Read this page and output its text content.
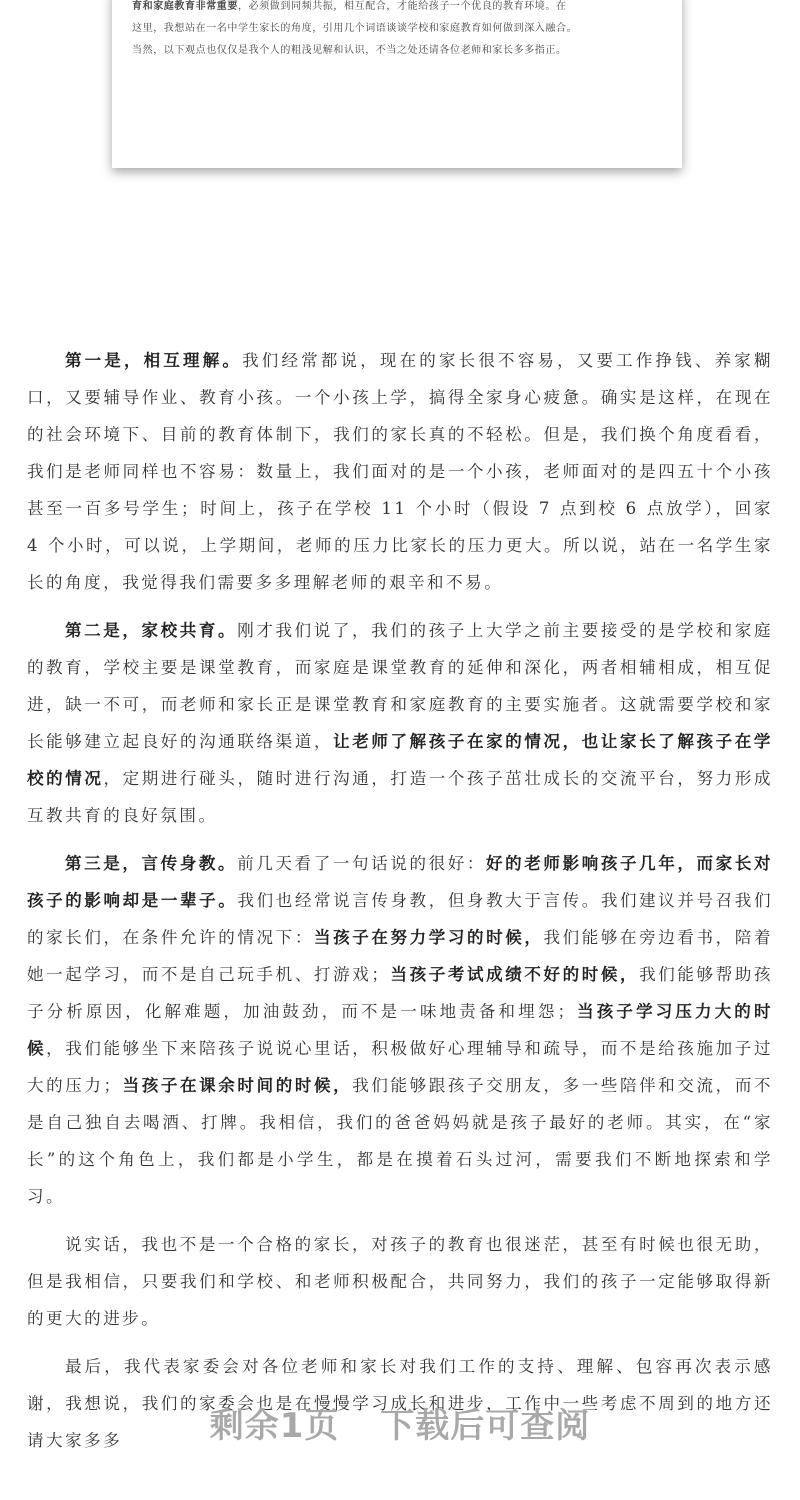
育和家庭教育非常重要，必须做到同频共振，相互配合，才能给孩子一个优良的教育环境。在

这里，我想站在一名中学生家长的角度，引用几个词语谈谈学校和家庭教育如何做到深入融合。

当然，以下观点也仅仅是我个人的粗浅见解和认识，不当之处还请各位老师和家长多多指正。

第一是，相互理解。我们经常都说，现在的家长很不容易，又要工作挣钱、养家糊口，又要辅导作业、教育小孩。一个小孩上学，搞得全家身心疲惫。确实是这样，在现在的社会环境下、目前的教育体制下，我们的家长真的不轻松。但是，我们换个角度看看，我们是老师同样也不容易：数量上，我们面对的是一个小孩，老师面对的是四五十个小孩甚至一百多号学生；时间上，孩子在学校 11 个小时（假设 7 点到校 6 点放学），回家 4 个小时，可以说，上学期间，老师的压力比家长的压力更大。所以说，站在一名学生家长的角度，我觉得我们需要多多理解老师的艰辛和不易。

第二是，家校共育。刚才我们说了，我们的孩子上大学之前主要接受的是学校和家庭的教育，学校主要是课堂教育，而家庭是课堂教育的延伸和深化，两者相辅相成，相互促进，缺一不可，而老师和家长正是课堂教育和家庭教育的主要实施者。这就需要学校和家长能够建立起良好的沟通联络渠道，让老师了解孩子在家的情况，也让家长了解孩子在学校的情况，定期进行碰头，随时进行沟通，打造一个孩子茁壮成长的交流平台，努力形成互教共育的良好氛围。

第三是，言传身教。前几天看了一句话说的很好：好的老师影响孩子几年，而家长对孩子的影响却是一辈子。我们也经常说言传身教，但身教大于言传。我们建议并号召我们的家长们，在条件允许的情况下：当孩子在努力学习的时候，我们能够在旁边看书，陪着她一起学习，而不是自己玩手机、打游戏；当孩子考试成绩不好的时候，我们能够帮助孩子分析原因，化解难题，加油鼓劲，而不是一味地责备和埋怨；当孩子学习压力大的时候，我们能够坐下来陪孩子说说心里话，积极做好心理辅导和疏导，而不是给孩施加子过大的压力；当孩子在课余时间的时候，我们能够跟孩子交朋友，多一些陪伴和交流，而不是自己独自去喝酒、打牌。我相信，我们的爸爸妈妈就是孩子最好的老师。其实，在“家长”的这个角色上，我们都是小学生，都是在摸着石头过河，需要我们不断地探索和学习。

说实话，我也不是一个合格的家长，对孩子的教育也很迷茫，甚至有时候也很无助，但是我相信，只要我们和学校、和老师积极配合，共同努力，我们的孩子一定能够取得新的更大的进步。

最后，我代表家委会对各位老师和家长对我们工作的支持、理解、包容再次表示感谢，我想说，我们的家委会也是在慢慢学习成长和进步，工作中一些考虑不周到的地方还请大家多多	剩余1页 下载后可查阅
